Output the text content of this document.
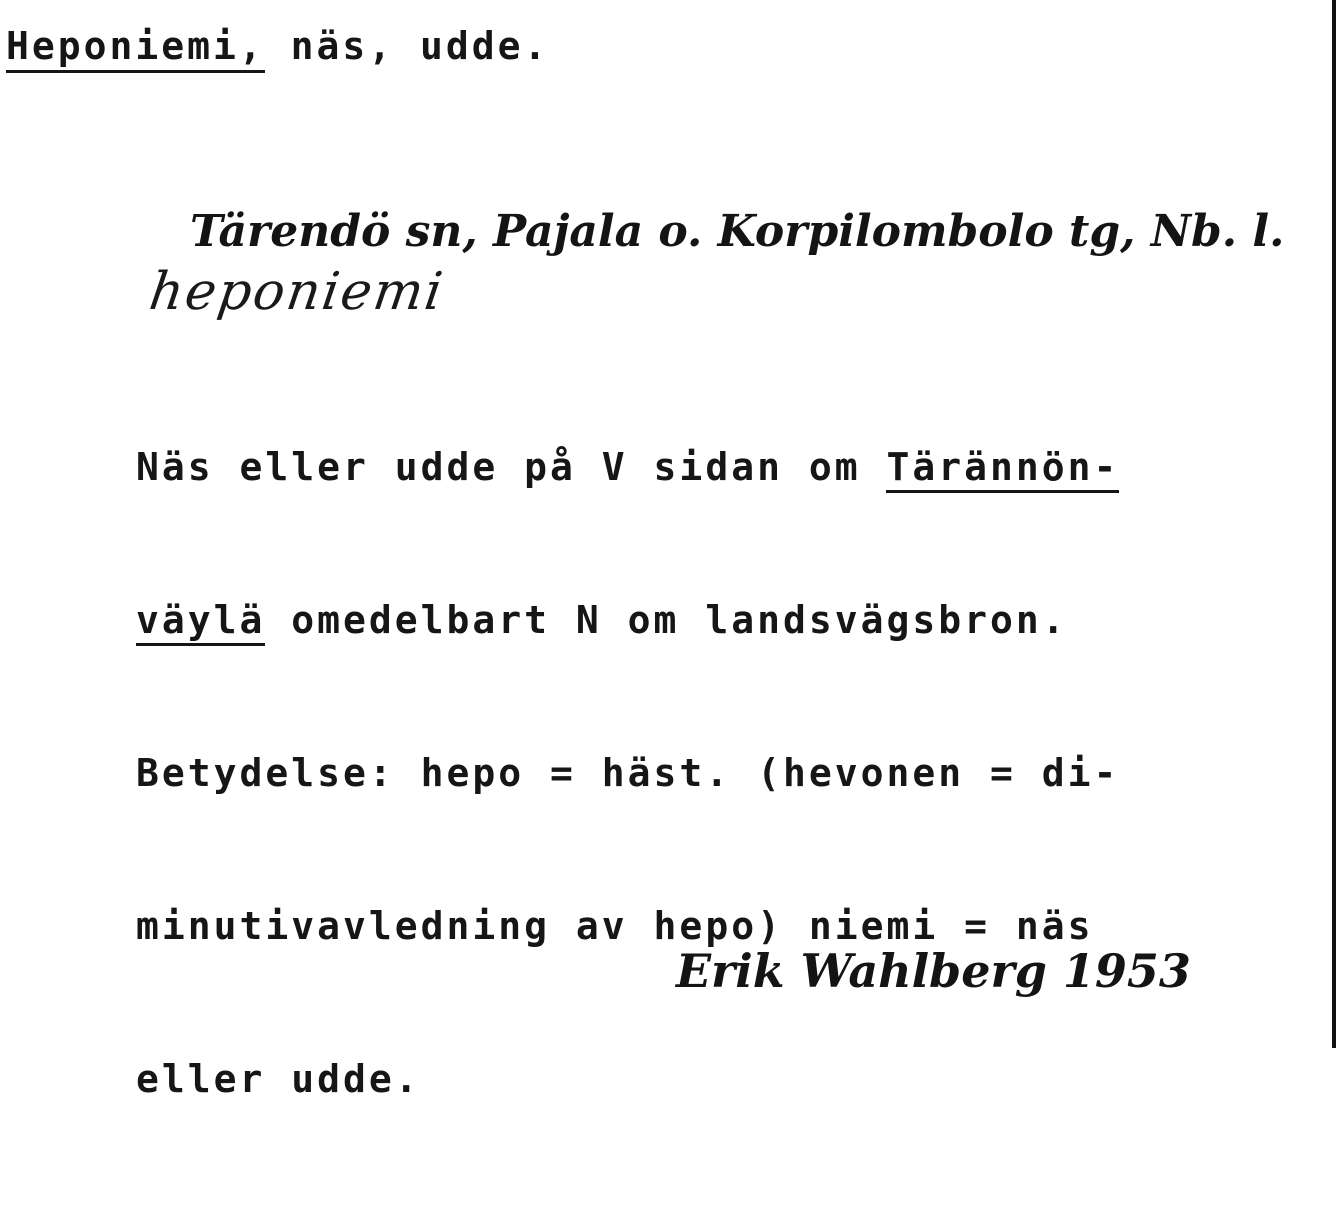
Heponiemi, näs, udde.
Tärendö sn, Pajala o. Korpilombolo tg, Nb. l.
heponiemi

Näs eller udde på V sidan om Tärännön-

väylä omedelbart N om landsvägsbron.

Betydelse: hepo = häst. (hevonen = di-

minutivavledning av hepo) niemi = näs

eller udde.

Erik Wahlberg 1953
